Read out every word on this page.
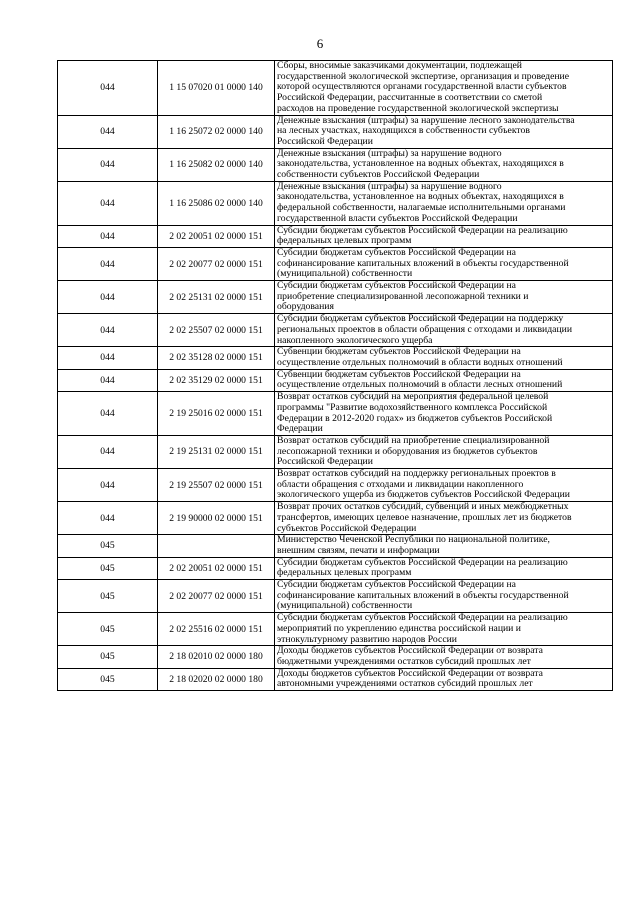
6
044	1 15 07020 01 0000 140	Сборы, вносимые заказчиками документации, подлежащей
государственной экологической экспертизе, организация и проведение
которой осуществляются органами государственной власти субъектов
Российской Федерации, рассчитанные в соответствии со сметой
расходов на проведение государственной экологической экспертизы

044	1 16 25072 02 0000 140	Денежные взыскания (штрафы) за нарушение лесного законодательства
на лесных участках, находящихся в собственности субъектов
Российской Федерации

044	1 16 25082 02 0000 140	Денежные взыскания (штрафы) за нарушение водного
законодательства, установленное на водных объектах, находящихся в
собственности субъектов Российской Федерации

044	1 16 25086 02 0000 140	Денежные взыскания (штрафы) за нарушение водного
законодательства, установленное на водных объектах, находящихся в
федеральной собственности, налагаемые исполнительными органами
государственной власти субъектов Российской Федерации

044	2 02 20051 02 0000 151	Субсидии бюджетам субъектов Российской Федерации на реализацию
федеральных целевых программ

044	2 02 20077 02 0000 151	Субсидии бюджетам субъектов Российской Федерации на
софинансирование капитальных вложений в объекты государственной
(муниципальной) собственности

044	2 02 25131 02 0000 151	Субсидии бюджетам субъектов Российской Федерации на
приобретение специализированной лесопожарной техники и
оборудования

044	2 02 25507 02 0000 151	Субсидии бюджетам субъектов Российской Федерации на поддержку
региональных проектов в области обращения с отходами и ликвидации
накопленного экологического ущерба

044	2 02 35128 02 0000 151	Субвенции бюджетам субъектов Российской Федерации на
осуществление отдельных полномочий в области водных отношений

044	2 02 35129 02 0000 151	Субвенции бюджетам субъектов Российской Федерации на
осуществление отдельных полномочий в области лесных отношений

044	2 19 25016 02 0000 151	Возврат остатков субсидий на мероприятия федеральной целевой
программы "Развитие водохозяйственного комплекса Российской
Федерации в 2012-2020 годах» из бюджетов субъектов Российской
Федерации

044	2 19 25131 02 0000 151	Возврат остатков субсидий на приобретение специализированной
лесопожарной техники и оборудования из бюджетов субъектов
Российской Федерации

044	2 19 25507 02 0000 151	Возврат остатков субсидий на поддержку региональных проектов в
области обращения с отходами и ликвидации накопленного
экологического ущерба из бюджетов субъектов Российской Федерации

044	2 19 90000 02 0000 151	Возврат прочих остатков субсидий, субвенций и иных межбюджетных
трансфертов, имеющих целевое назначение, прошлых лет из бюджетов
субъектов Российской Федерации

045		Министерство Чеченской Республики по национальной политике,
внешним связям, печати и информации

045	2 02 20051 02 0000 151	Субсидии бюджетам субъектов Российской Федерации на реализацию
федеральных целевых программ

045	2 02 20077 02 0000 151	Субсидии бюджетам субъектов Российской Федерации на
софинансирование капитальных вложений в объекты государственной
(муниципальной) собственности

045	2 02 25516 02 0000 151	Субсидии бюджетам субъектов Российской Федерации на реализацию
мероприятий по укреплению единства российской нации и
этнокультурному развитию народов России

045	2 18 02010 02 0000 180	Доходы бюджетов субъектов Российской Федерации от возврата
бюджетными учреждениями остатков субсидий прошлых лет

045	2 18 02020 02 0000 180	Доходы бюджетов субъектов Российской Федерации от возврата
автономными учреждениями остатков субсидий прошлых лет
